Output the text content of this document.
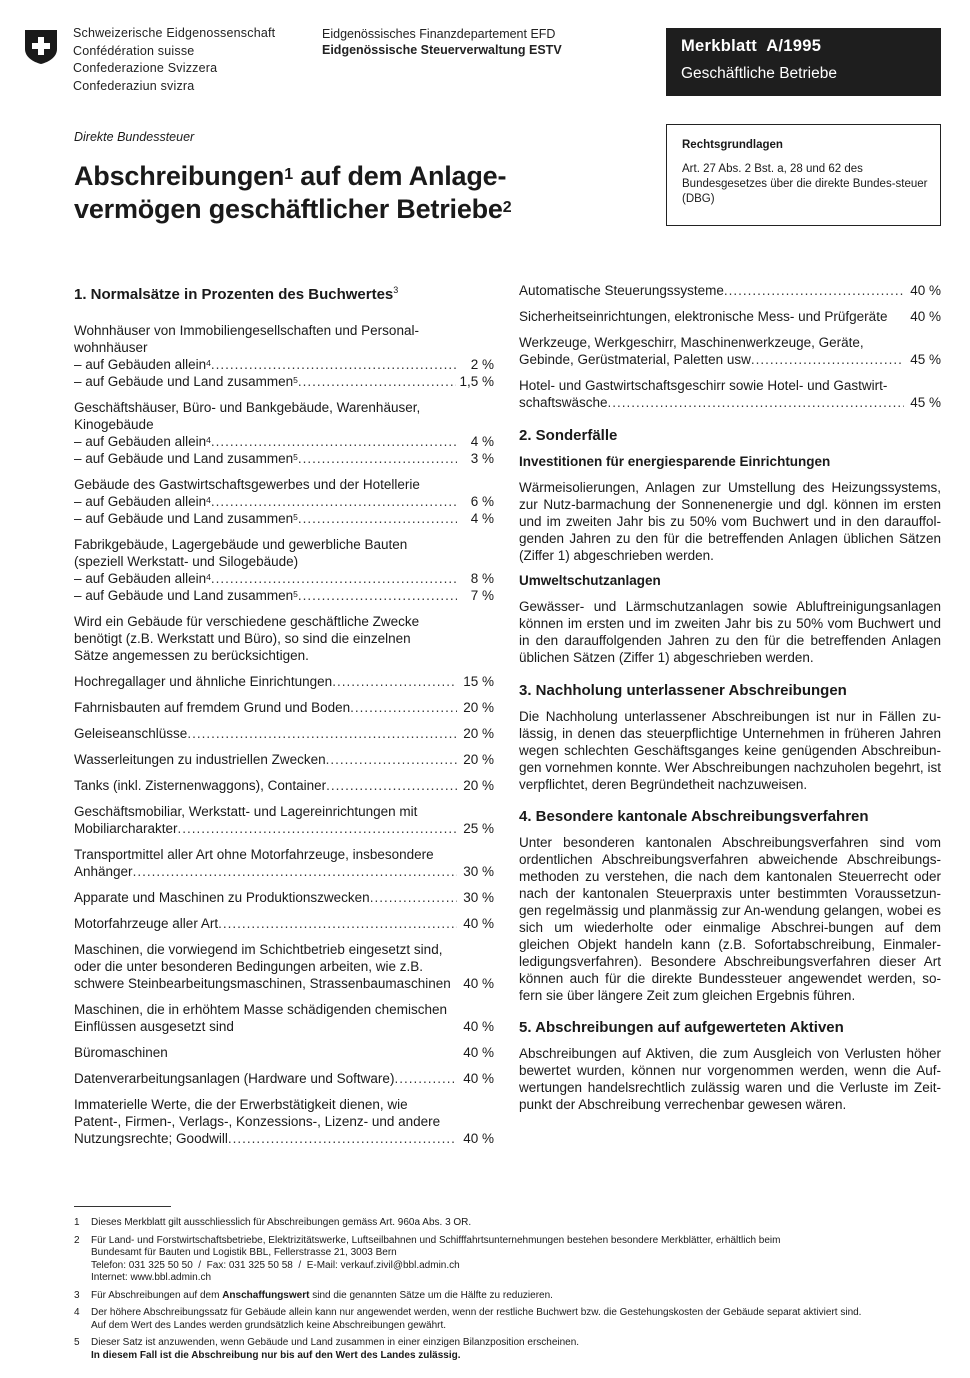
Schweizerische Eidgenossenschaft
Confédération suisse
Confederazione Svizzera
Confederaziun svizra
Eidgenössisches Finanzdepartement EFD
Eidgenössische Steuerverwaltung ESTV	Merkblatt  A/1995
Geschäftliche Betriebe
Rechtsgrundlagen
Art. 27 Abs. 2 Bst. a, 28 und 62 des Bundesgesetzes über die direkte Bundes-steuer (DBG)
Direkte Bundessteuer
Abschreibungen$^1$ auf dem Anlage-
vermögen geschäftlicher Betriebe$^2$
1. Normalsätze in Prozenten des Buchwertes$^3$
Wohnhäuser von Immobiliengesellschaften und Personal-
wohnhäuser
– auf Gebäuden allein$^4$ .....	2 %
– auf Gebäude und Land zusammen$^5$ .....	1,5 %
Geschäftshäuser, Büro- und Bankgebäude, Warenhäuser,
Kinogebäude
– auf Gebäuden allein$^4$ .....	4 %
– auf Gebäude und Land zusammen$^5$ .....	3 %
Gebäude des Gastwirtschaftsgewerbes und der Hotellerie
– auf Gebäuden allein$^4$ .....	6 %
– auf Gebäude und Land zusammen$^5$ .....	4 %
Fabrikgebäude, Lagergebäude und gewerbliche Bauten
(speziell Werkstatt- und Silogebäude)
– auf Gebäuden allein$^4$ .....	8 %
– auf Gebäude und Land zusammen$^5$ .....	7 %
Wird ein Gebäude für verschiedene geschäftliche Zwecke
benötigt (z.B. Werkstatt und Büro), so sind die einzelnen
Sätze angemessen zu berücksichtigen.
Hochregallager und ähnliche Einrichtungen .....	15 %
Fahrnisbauten auf fremdem Grund und Boden .....	20 %
Geleiseanschlüsse .....	20 %
Wasserleitungen zu industriellen Zwecken .....	20 %
Tanks (inkl. Zisternenwaggons), Container .....	20 %
Geschäftsmobiliar, Werkstatt- und Lagereinrichtungen mit
Mobiliarcharakter .....	25 %
Transportmittel aller Art ohne Motorfahrzeuge, insbesondere
Anhänger .....	30 %
Apparate und Maschinen zu Produktionszwecken .....	30 %
Motorfahrzeuge aller Art .....	40 %
Maschinen, die vorwiegend im Schichtbetrieb eingesetzt sind,
oder die unter besonderen Bedingungen arbeiten, wie z.B.
schwere Steinbearbeitungsmaschinen, Strassenbaumaschinen 40 %
Maschinen, die in erhöhtem Masse schädigenden chemischen
Einflüssen ausgesetzt sind	40 %
Büromaschinen	40 %
Datenverarbeitungsanlagen (Hardware und Software) .....	40 %
Immaterielle Werte, die der Erwerbstätigkeit dienen, wie
Patent-, Firmen-, Verlags-, Konzessions-, Lizenz- und andere
Nutzungsrechte; Goodwill .....	40 %
Automatische Steuerungssysteme .....	40 %
Sicherheitseinrichtungen, elektronische Mess- und Prüfgeräte 40 %
Werkzeuge, Werkgeschirr, Maschinenwerkzeuge, Geräte,
Gebinde, Gerüstmaterial, Paletten usw .....	45 %
Hotel- und Gastwirtschaftsgeschirr sowie Hotel- und Gastwirt-
schaftswäsche .....	45 %
2. Sonderfälle
Investitionen für energiesparende Einrichtungen
Wärmeisolierungen, Anlagen zur Umstellung des Heizungssystems, zur Nutz-barmachung der Sonnenenergie und dgl. können im ersten und im zweiten Jahr bis zu 50% vom Buchwert und in den darauffol-genden Jahren zu den für die betreffenden Anlagen üblichen Sätzen (Ziffer 1) abgeschrieben werden.
Umweltschutzanlagen
Gewässer- und Lärmschutzanlagen sowie Abluftreinigungsanlagen können im ersten und im zweiten Jahr bis zu 50% vom Buchwert und in den darauffolgenden Jahren zu den für die betreffenden Anlagen üblichen Sätzen (Ziffer 1) abgeschrieben werden.
3. Nachholung unterlassener Abschreibungen
Die Nachholung unterlassener Abschreibungen ist nur in Fällen zu-lässig, in denen das steuerpflichtige Unternehmen in früheren Jahren wegen schlechten Geschäftsganges keine genügenden Abschreibun-gen vornehmen konnte. Wer Abschreibungen nachzuholen begehrt, ist verpflichtet, deren Begründetheit nachzuweisen.
4. Besondere kantonale Abschreibungsverfahren
Unter besonderen kantonalen Abschreibungsverfahren sind vom ordentlichen Abschreibungsverfahren abweichende Abschreibungs-methoden zu verstehen, die nach dem kantonalen Steuerrecht oder nach der kantonalen Steuerpraxis unter bestimmten Voraussetzun-gen regelmässig und planmässig zur An-wendung gelangen, wobei es sich um wiederholte oder einmalige Abschrei-bungen auf dem gleichen Objekt handeln kann (z.B. Sofortabschreibung, Einmaler-ledigungsverfahren). Besondere Abschreibungsverfahren dieser Art können auch für die direkte Bundessteuer angewendet werden, so-fern sie über längere Zeit zum gleichen Ergebnis führen.
5. Abschreibungen auf aufgewerteten Aktiven
Abschreibungen auf Aktiven, die zum Ausgleich von Verlusten höher bewertet wurden, können nur vorgenommen werden, wenn die Auf-wertungen handelsrechtlich zulässig waren und die Verluste im Zeit-punkt der Abschreibung verrechenbar gewesen wären.
1	Dieses Merkblatt gilt ausschliesslich für Abschreibungen gemäss Art. 960a Abs. 3 OR.
2	Für Land- und Forstwirtschaftsbetriebe, Elektrizitätswerke, Luftseilbahnen und Schifffahrtsunternehmungen bestehen besondere Merkblätter, erhältlich beim
Bundesamt für Bauten und Logistik BBL, Fellerstrasse 21, 3003 Bern
Telefon: 031 325 50 50  /  Fax: 031 325 50 58  /  E-Mail: verkauf.zivil@bbl.admin.ch
Internet: www.bbl.admin.ch
3	Für Abschreibungen auf dem Anschaffungswert sind die genannten Sätze um die Hälfte zu reduzieren.
4	Der höhere Abschreibungssatz für Gebäude allein kann nur angewendet werden, wenn der restliche Buchwert bzw. die Gestehungskosten der Gebäude separat aktiviert sind.
Auf dem Wert des Landes werden grundsätzlich keine Abschreibungen gewährt.
5	Dieser Satz ist anzuwenden, wenn Gebäude und Land zusammen in einer einzigen Bilanzposition erscheinen.
In diesem Fall ist die Abschreibung nur bis auf den Wert des Landes zulässig.
